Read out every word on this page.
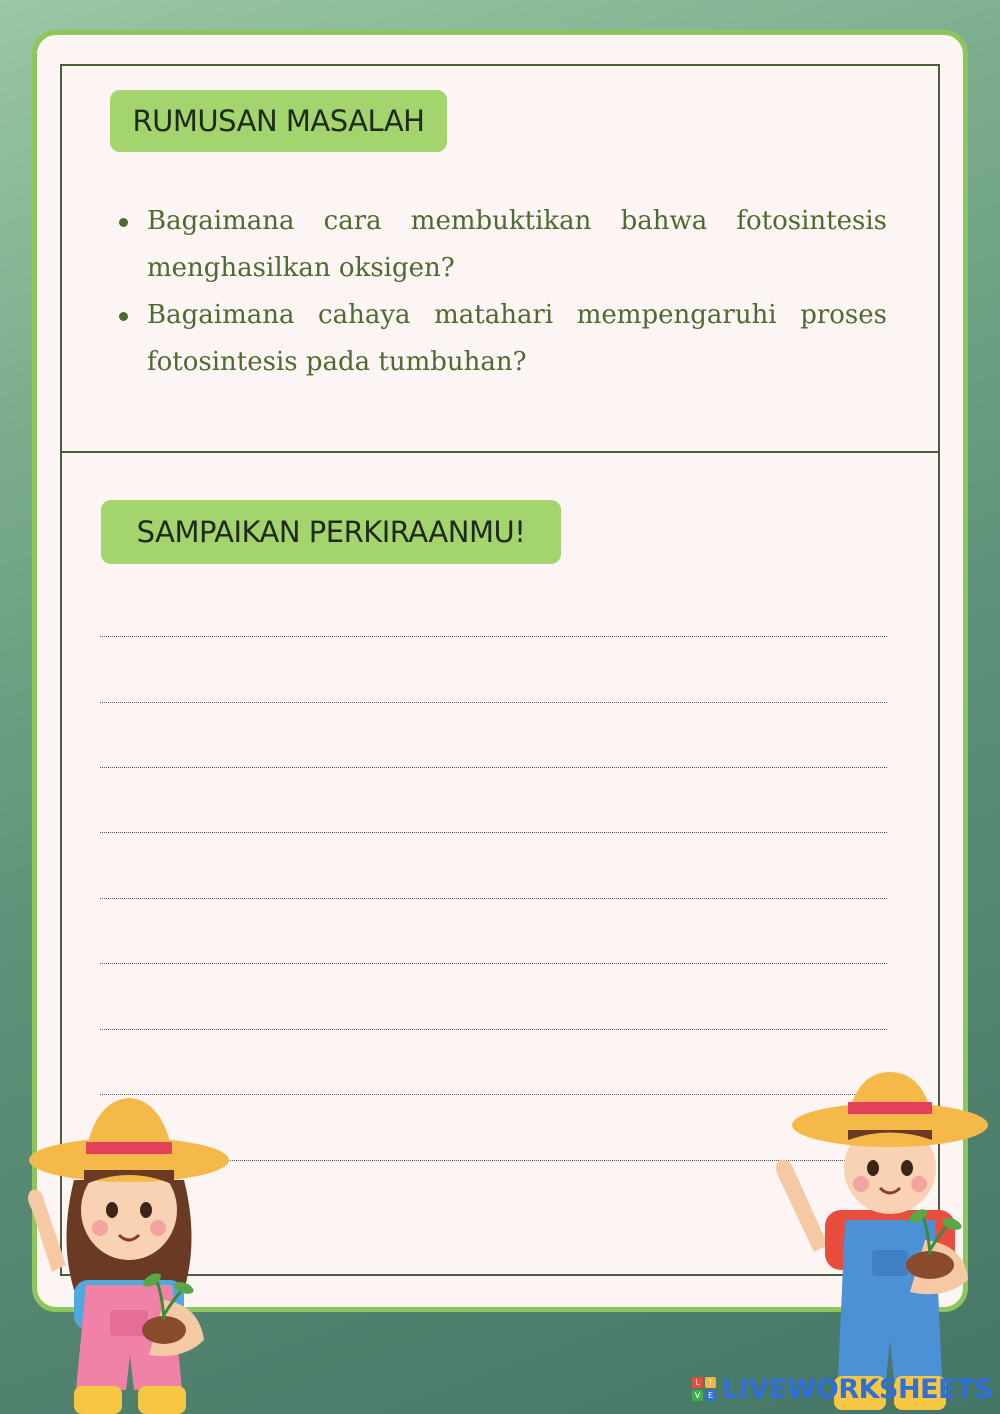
RUMUSAN MASALAH
Bagaimana cara membuktikan bahwa fotosintesis menghasilkan oksigen?
Bagaimana cahaya matahari mempengaruhi proses fotosintesis pada tumbuhan?
SAMPAIKAN PERKIRAANMU!
L	I
V E LIVEWORKSHEETS
